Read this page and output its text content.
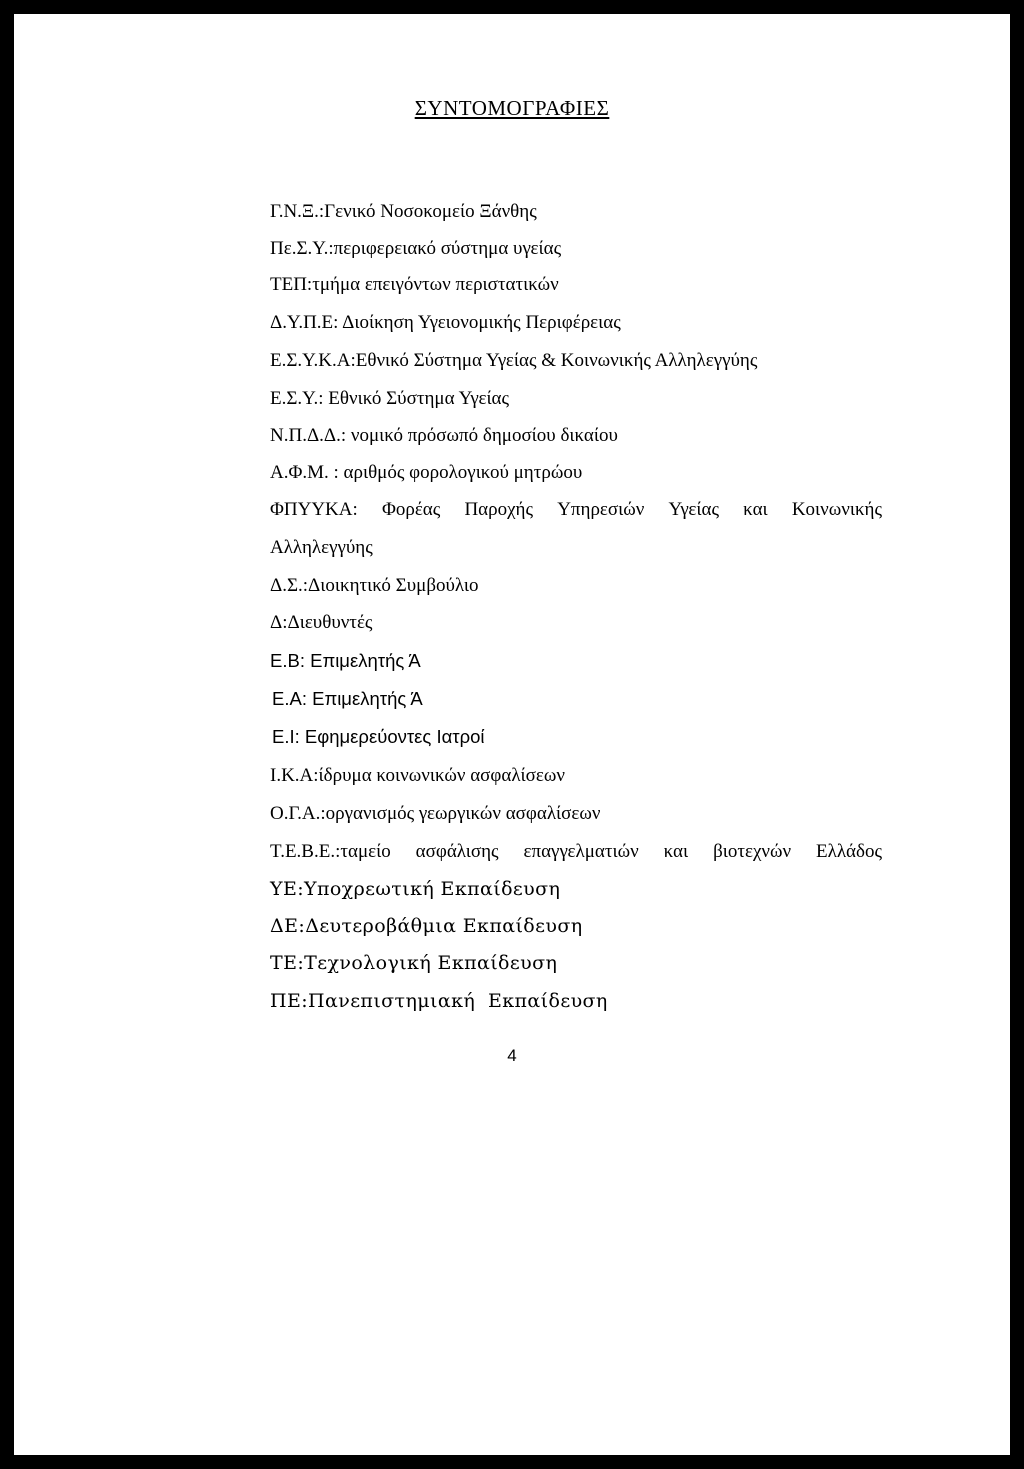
ΣΥΝΤΟΜΟΓΡΑΦΙΕΣ
Γ.Ν.Ξ.:Γενικό Νοσοκομείο Ξάνθης
Πε.Σ.Υ.:περιφερειακό σύστημα υγείας
ΤΕΠ:τμήμα επειγόντων περιστατικών
Δ.Υ.Π.Ε: Διοίκηση Υγειονομικής Περιφέρειας
Ε.Σ.Υ.Κ.Α:Εθνικό Σύστημα Υγείας & Κοινωνικής Αλληλεγγύης
Ε.Σ.Υ.: Εθνικό Σύστημα Υγείας
Ν.Π.Δ.Δ.: νομικό πρόσωπό δημοσίου δικαίου
Α.Φ.Μ. : αριθμός φορολογικού μητρώου
ΦΠΥΥΚΑ: Φορέας Παροχής Υπηρεσιών Υγείας και Κοινωνικής
Αλληλεγγύης
Δ.Σ.:Διοικητικό Συμβούλιο
Δ:Διευθυντές
Ε.Β: Επιμελητής Ά
Ε.Α: Επιμελητής Ά
Ε.Ι: Εφημερεύοντες Ιατροί
Ι.Κ.Α:ίδρυμα κοινωνικών ασφαλίσεων
Ο.Γ.Α.:οργανισμός γεωργικών ασφαλίσεων
Τ.Ε.Β.Ε.:ταμείο ασφάλισης επαγγελματιών και βιοτεχνών Ελλάδος
ΥΕ:Υποχρεωτική Εκπαίδευση
ΔΕ:Δευτεροβάθμια Εκπαίδευση
ΤΕ:Τεχνολογική Εκπαίδευση
ΠΕ:Πανεπιστημιακή  Εκπαίδευση
4
